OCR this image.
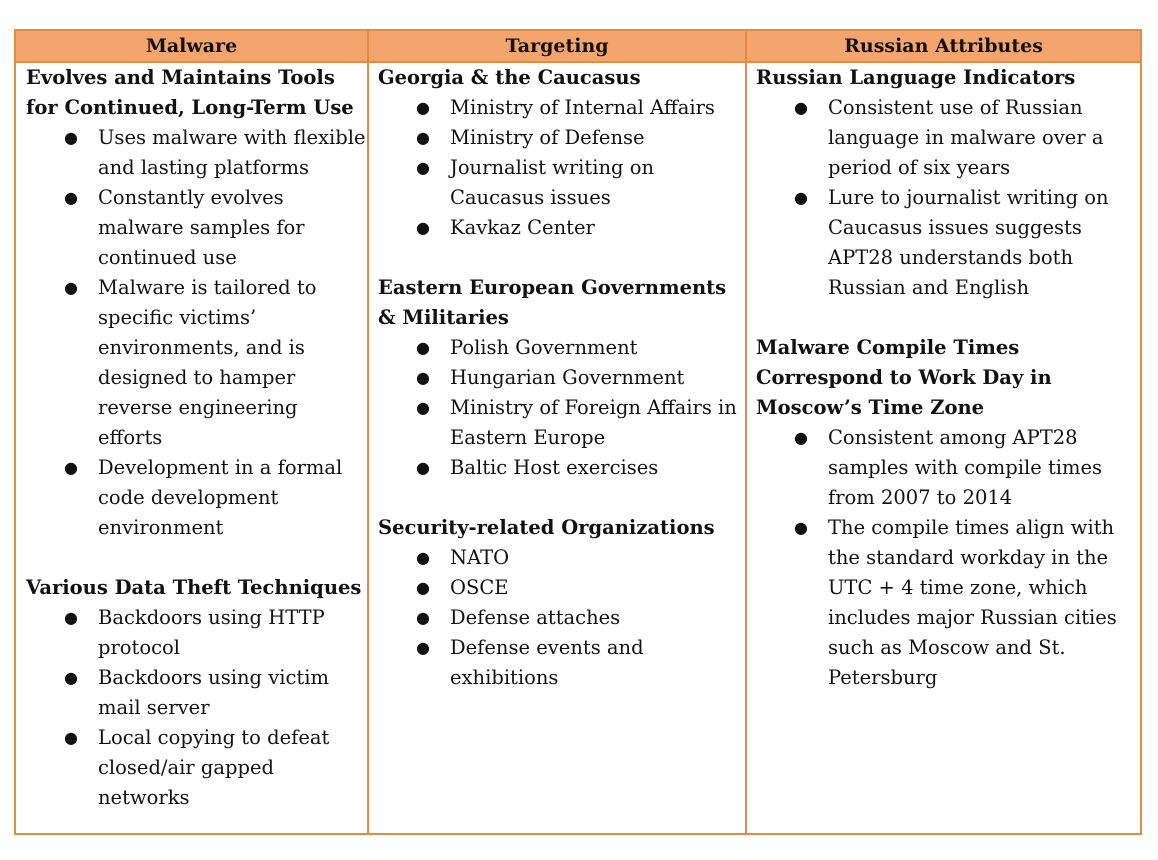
Malware	Targeting	Russian Attributes

Evolves and Maintains Tools for Continued, Long-Term Use

● Uses malware with flexible and lasting platforms
● Constantly evolves malware samples for continued use
● Malware is tailored to specific victims’ environments, and is designed to hamper reverse engineering efforts
● Development in a formal code development environment

Various Data Theft Techniques

● Backdoors using HTTP protocol
● Backdoors using victim mail server
● Local copying to defeat closed/air gapped networks

Georgia & the Caucasus

● Ministry of Internal Affairs
● Ministry of Defense
● Journalist writing on Caucasus issues
● Kavkaz Center

Eastern European Governments & Militaries

● Polish Government
● Hungarian Government
● Ministry of Foreign Affairs in Eastern Europe
● Baltic Host exercises

Security-related Organizations

● NATO
● OSCE
● Defense attaches
● Defense events and exhibitions

Russian Language Indicators

● Consistent use of Russian language in malware over a period of six years
● Lure to journalist writing on Caucasus issues suggests APT28 understands both Russian and English

Malware Compile Times Correspond to Work Day in Moscow’s Time Zone

● Consistent among APT28 samples with compile times from 2007 to 2014
● The compile times align with the standard workday in the UTC + 4 time zone, which includes major Russian cities such as Moscow and St. Petersburg
